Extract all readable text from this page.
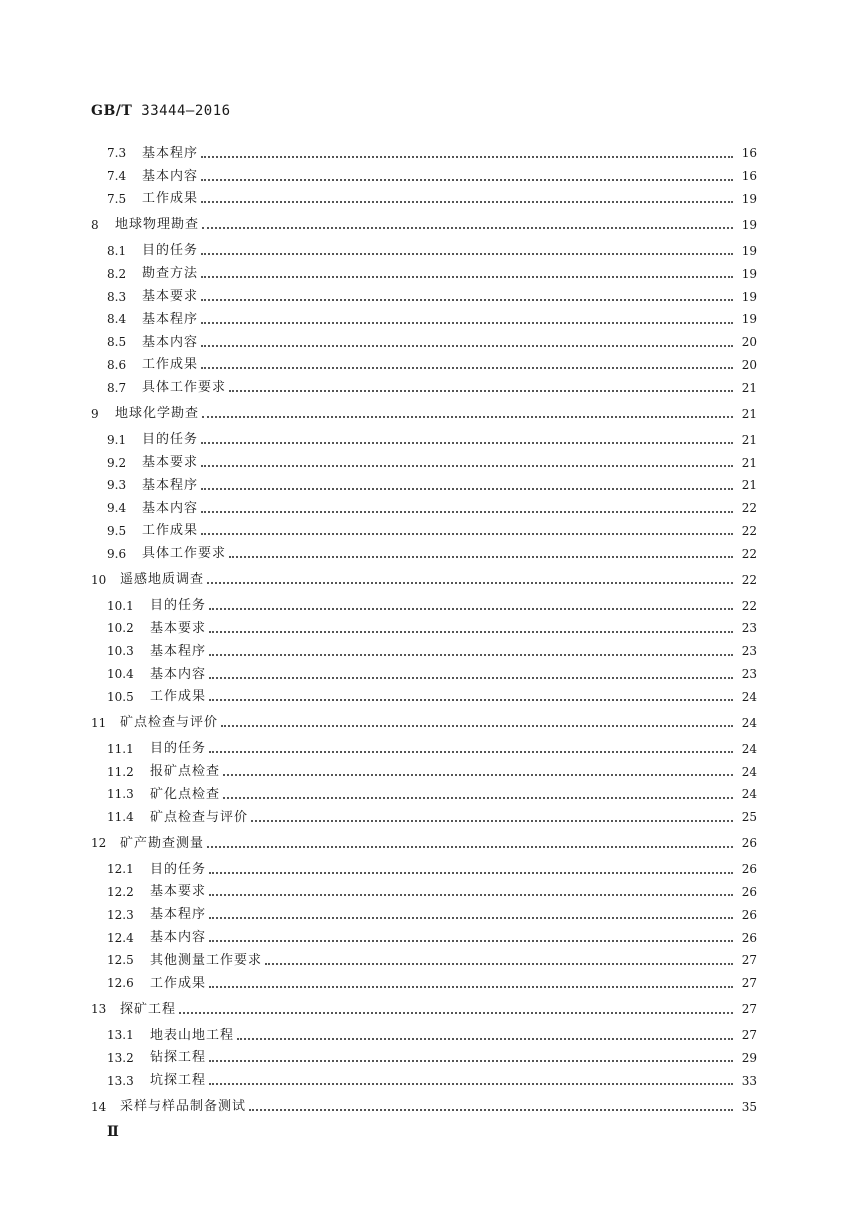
GB/T 33444—2016
7.3 基本程序	16
7.4 基本内容	16
7.5 工作成果	19
8 地球物理勘查	19
8.1 目的任务	19
8.2 勘查方法	19
8.3 基本要求	19
8.4 基本程序	19
8.5 基本内容	20
8.6 工作成果	20
8.7 具体工作要求	21
9 地球化学勘查	21
9.1 目的任务	21
9.2 基本要求	21
9.3 基本程序	21
9.4 基本内容	22
9.5 工作成果	22
9.6 具体工作要求	22
10 遥感地质调查	22
10.1 目的任务	22
10.2 基本要求	23
10.3 基本程序	23
10.4 基本内容	23
10.5 工作成果	24
11 矿点检查与评价	24
11.1 目的任务	24
11.2 报矿点检查	24
11.3 矿化点检查	24
11.4 矿点检查与评价	25
12 矿产勘查测量	26
12.1 目的任务	26
12.2 基本要求	26
12.3 基本程序	26
12.4 基本内容	26
12.5 其他测量工作要求	27
12.6 工作成果	27
13 探矿工程	27
13.1 地表山地工程	27
13.2 钻探工程	29
13.3 坑探工程	33
14 采样与样品制备测试	35
Ⅱ
